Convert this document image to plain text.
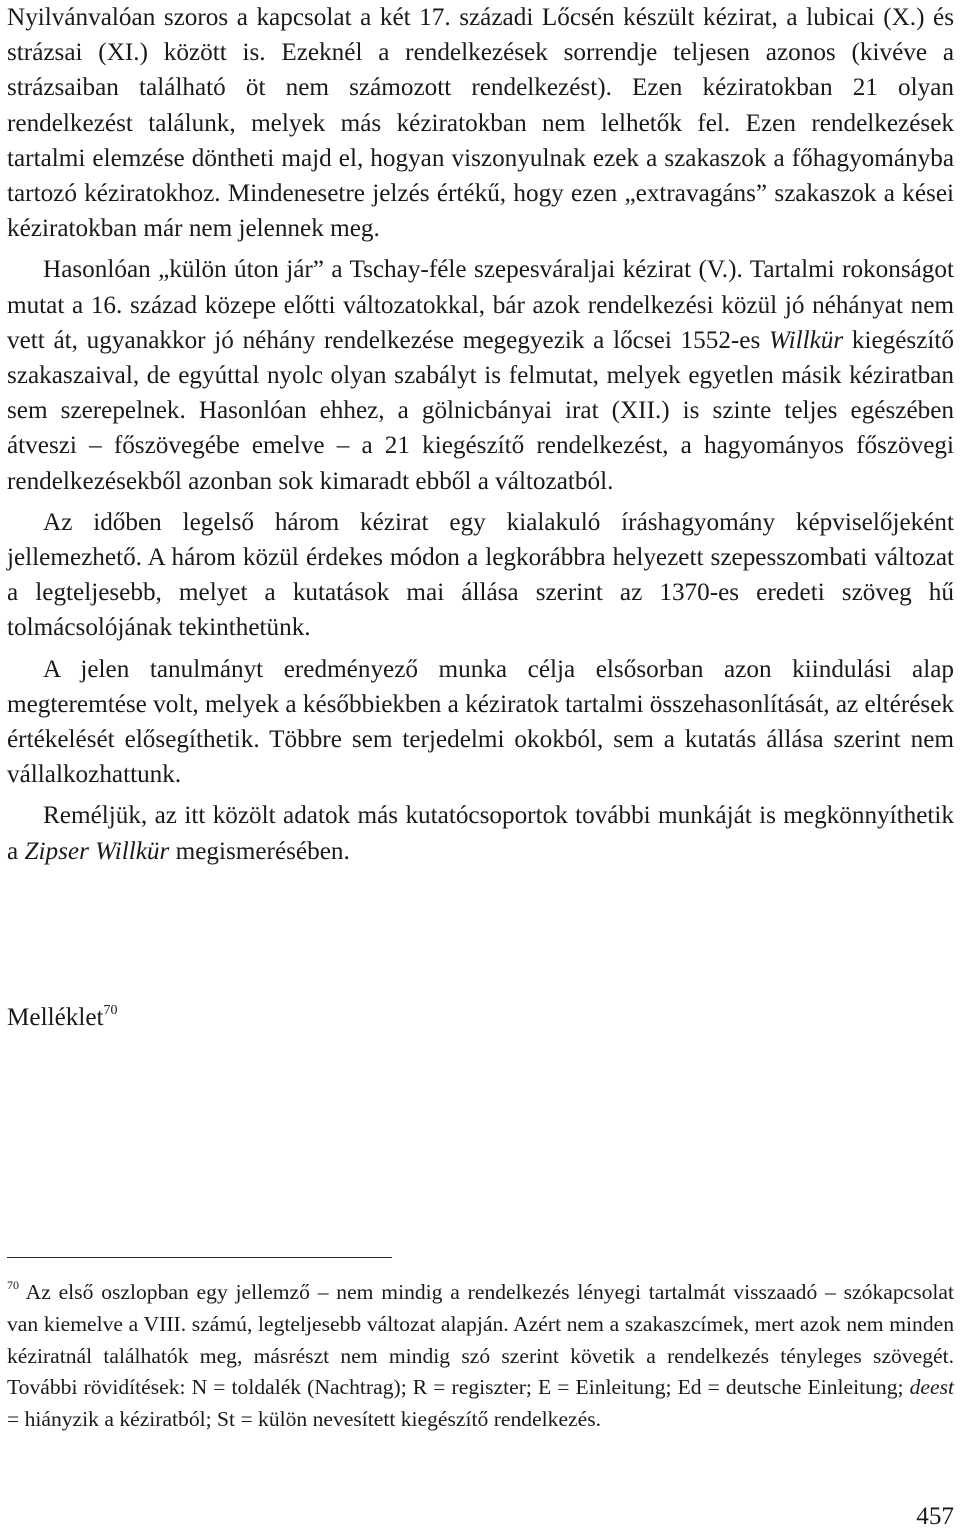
Nyilvánvalóan szoros a kapcsolat a két 17. századi Lőcsén készült kézirat, a lubicai (X.) és strázsai (XI.) között is. Ezeknél a rendelkezések sorrendje teljesen azonos (kivéve a strázsaiban található öt nem számozott rendelkezést). Ezen kéziratokban 21 olyan rendelkezést találunk, melyek más kéziratokban nem lelhetők fel. Ezen rendelkezések tartalmi elemzése döntheti majd el, hogyan viszonyulnak ezek a szakaszok a főhagyományba tartozó kéziratokhoz. Mindenesetre jelzés értékű, hogy ezen „extravagáns” szakaszok a kései kéziratokban már nem jelennek meg.

Hasonlóan „külön úton jár” a Tschay-féle szepesváraljai kézirat (V.). Tartalmi rokonságot mutat a 16. század közepe előtti változatokkal, bár azok rendelkezési közül jó néhányat nem vett át, ugyanakkor jó néhány rendelkezése megegyezik a lőcsei 1552-es Willkür kiegészítő szakaszaival, de egyúttal nyolc olyan szabályt is felmutat, melyek egyetlen másik kéziratban sem szerepelnek. Hasonlóan ehhez, a gölnicbányai irat (XII.) is szinte teljes egészében átveszi – főszövegébe emelve – a 21 kiegészítő rendelkezést, a hagyományos főszövegi rendelkezésekből azonban sok kimaradt ebből a változatból.

Az időben legelső három kézirat egy kialakuló íráshagyomány képviselőjeként jellemezhető. A három közül érdekes módon a legkorábbra helyezett szepesszombati változat a legteljesebb, melyet a kutatások mai állása szerint az 1370-es eredeti szöveg hű tolmácsolójának tekinthetünk.

A jelen tanulmányt eredményező munka célja elsősorban azon kiindulási alap megteremtése volt, melyek a későbbiekben a kéziratok tartalmi összehasonlítását, az eltérések értékelését elősegíthetik. Többre sem terjedelmi okokból, sem a kutatás állása szerint nem vállalkozhattunk.

Reméljük, az itt közölt adatok más kutatócsoportok további munkáját is megkönnyíthetik a Zipser Willkür megismerésében.

Melléklet$^{70}$

$^{70}$ Az első oszlopban egy jellemző – nem mindig a rendelkezés lényegi tartalmát visszaadó – szókapcsolat van kiemelve a VIII. számú, legteljesebb változat alapján. Azért nem a szakaszcímek, mert azok nem minden kéziratnál találhatók meg, másrészt nem mindig szó szerint követik a rendelkezés tényleges szövegét. További rövidítések: N = toldalék (Nachtrag); R = regiszter; E = Einleitung; Ed = deutsche Einleitung; deest = hiányzik a kéziratból; St = külön nevesített kiegészítő rendelkezés.

457
